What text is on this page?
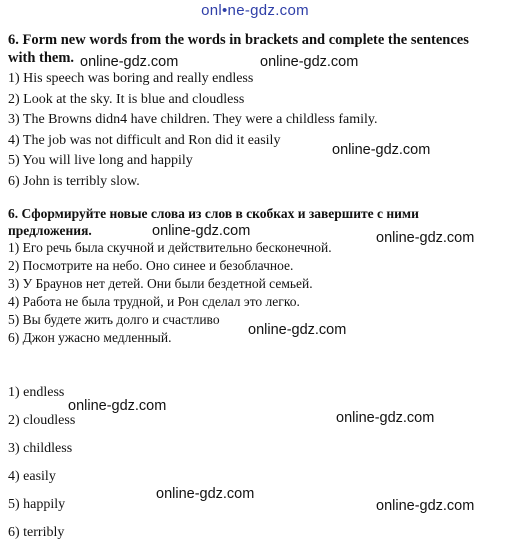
onl•ne-gdz.com
6. Form new words from the words in brackets and complete the sentences
with them.
1) His speech was boring and really endless
2) Look at the sky. It is blue and cloudless
3) The Browns didn4 have children. They were a childless family.
4) The job was not difficult and Ron did it easily
5) You will live long and happily
6) John is terribly slow.
6. Сформируйте новые слова из слов в скобках и завершите с ними
предложения.
1) Его речь была скучной и действительно бесконечной.
2) Посмотрите на небо. Оно синее и безоблачное.
3) У Браунов нет детей. Они были бездетной семьей.
4) Работа не была трудной, и Рон сделал это легко.
5) Вы будете жить долго и счастливо
6) Джон ужасно медленный.
1) endless
2) cloudless
3) childless
4) easily
5) happily
6) terribly
online-gdz.com	online-gdz.com
online-gdz.com
online-gdz.com	online-gdz.com
online-gdz.com
online-gdz.com
online-gdz.com
online-gdz.com
online-gdz.com
